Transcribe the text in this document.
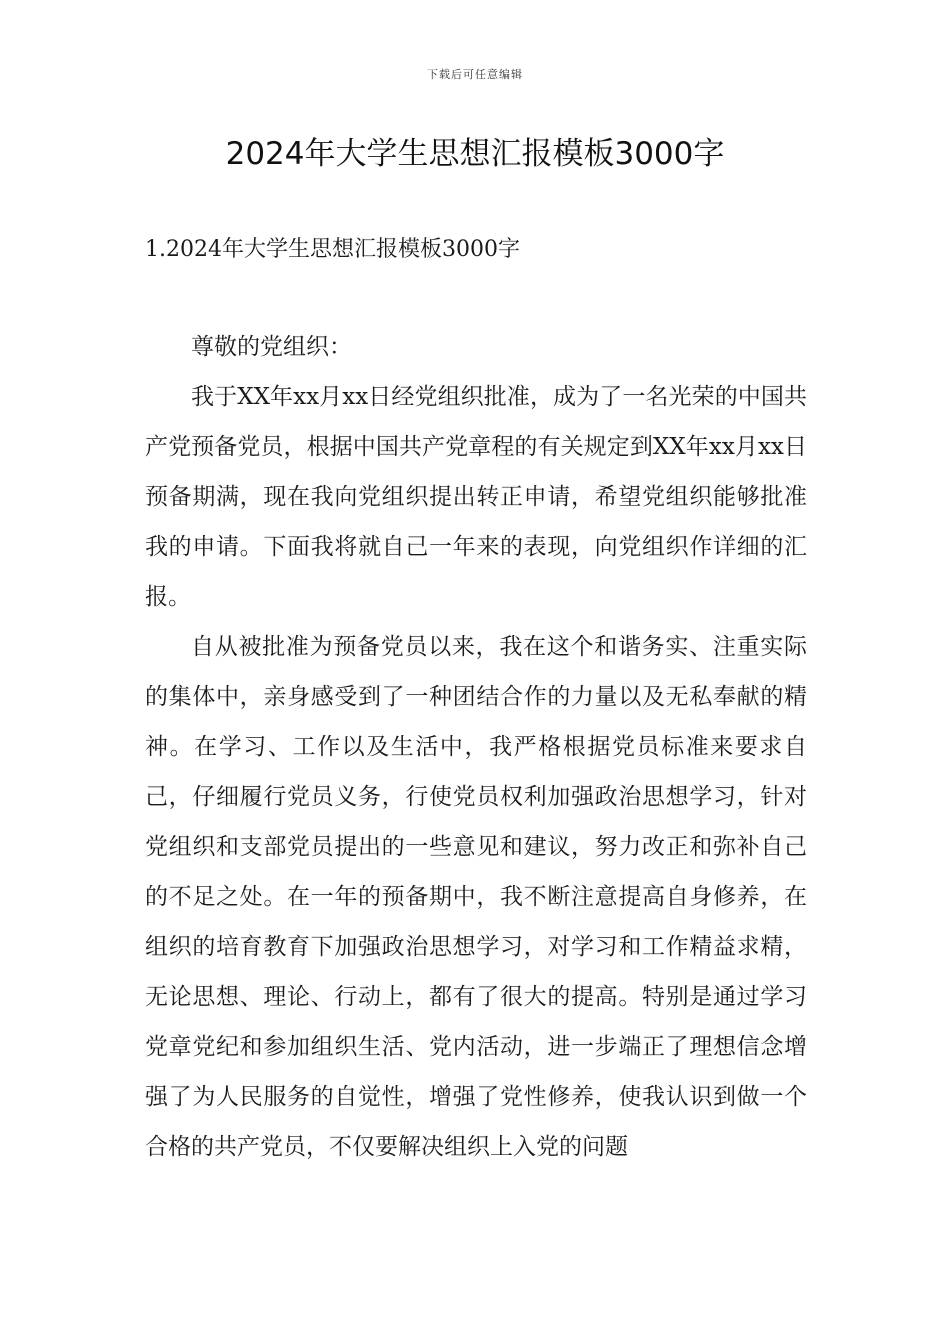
下载后可任意编辑
2024年大学生思想汇报模板3000字
1.2024年大学生思想汇报模板3000字

尊敬的党组织：

我于XX年xx月xx日经党组织批准，成为了一名光荣的中国共产党预备党员，根据中国共产党章程的有关规定到XX年xx月xx日预备期满，现在我向党组织提出转正申请，希望党组织能够批准我的申请。下面我将就自己一年来的表现，向党组织作详细的汇报。

自从被批准为预备党员以来，我在这个和谐务实、注重实际的集体中，亲身感受到了一种团结合作的力量以及无私奉献的精神。在学习、工作以及生活中，我严格根据党员标准来要求自己，仔细履行党员义务，行使党员权利加强政治思想学习，针对党组织和支部党员提出的一些意见和建议，努力改正和弥补自己的不足之处。在一年的预备期中，我不断注意提高自身修养，在组织的培育教育下加强政治思想学习，对学习和工作精益求精，无论思想、理论、行动上，都有了很大的提高。特别是通过学习党章党纪和参加组织生活、党内活动，进一步端正了理想信念增强了为人民服务的自觉性，增强了党性修养，使我认识到做一个合格的共产党员，不仅要解决组织上入党的问题
